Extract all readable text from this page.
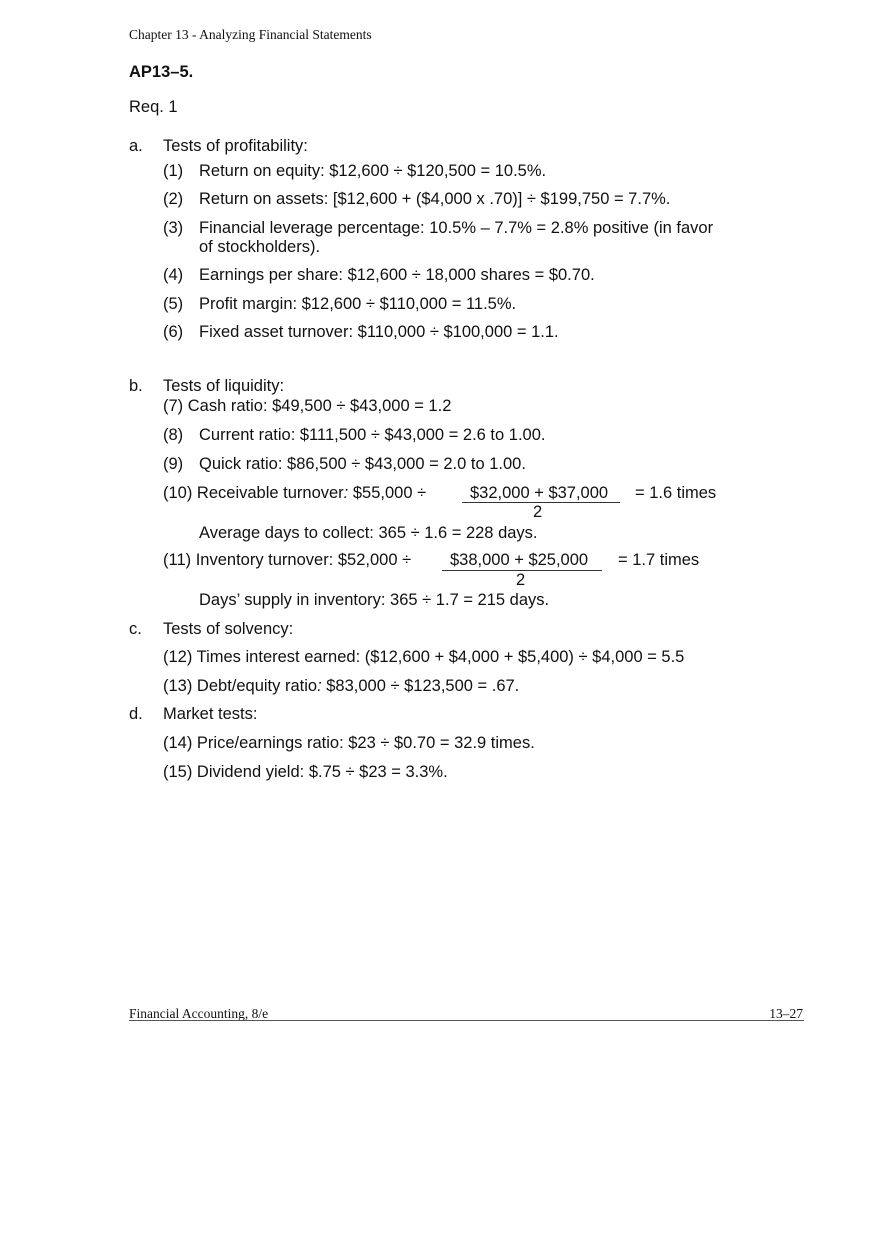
Chapter 13 - Analyzing Financial Statements
AP13–5.
Req. 1
a. Tests of profitability:
(1) Return on equity: $12,600 ÷ $120,500 = 10.5%.
(2) Return on assets: [$12,600 + ($4,000 x .70)] ÷ $199,750 = 7.7%.
(3) Financial leverage percentage: 10.5% – 7.7% = 2.8% positive (in favor
of stockholders).
(4) Earnings per share: $12,600 ÷ 18,000 shares = $0.70.
(5) Profit margin: $12,600 ÷ $110,000 = 11.5%.
(6) Fixed asset turnover: $110,000 ÷ $100,000 = 1.1.
b. Tests of liquidity:
(7) Cash ratio: $49,500 ÷ $43,000 = 1.2
(8) Current ratio: $111,500 ÷ $43,000 = 2.6 to 1.00.
(9) Quick ratio: $86,500 ÷ $43,000 = 2.0 to 1.00.
(10) Receivable turnover: $55,000 ÷	$32,000 + $37,000
2
= 1.6 times
Average days to collect: 365 ÷ 1.6 = 228 days.
(11) Inventory turnover: $52,000 ÷ $38,000 + $25,000
2
= 1.7 times
Days’ supply in inventory: 365 ÷ 1.7 = 215 days.
c. Tests of solvency:
(12) Times interest earned: ($12,600 + $4,000 + $5,400) ÷ $4,000 = 5.5
(13) Debt/equity ratio: $83,000 ÷ $123,500 = .67.
d. Market tests:
(14) Price/earnings ratio: $23 ÷ $0.70 = 32.9 times.
(15) Dividend yield: $.75 ÷ $23 = 3.3%.
Financial Accounting, 8/e	13–27
